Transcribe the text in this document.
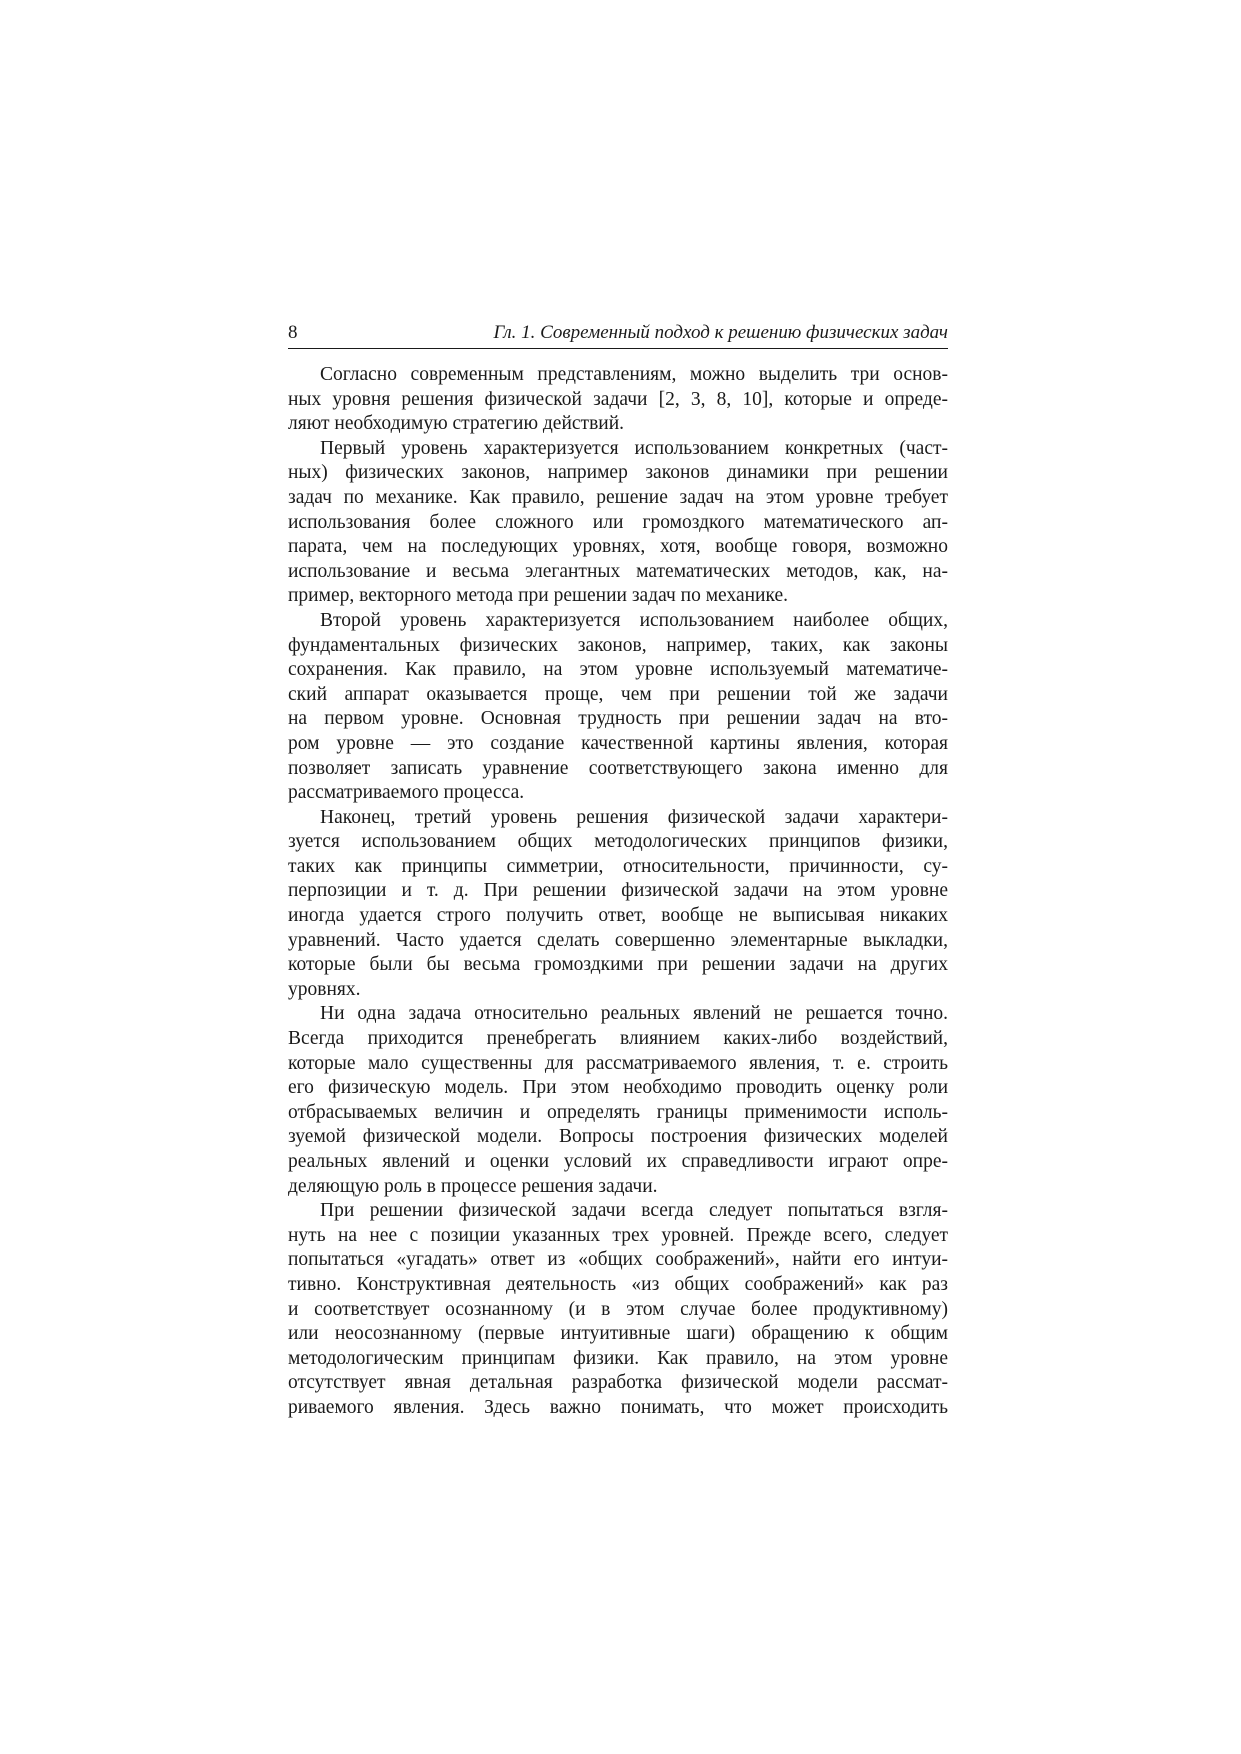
8	Гл. 1. Современный подход к решению физических задач
Согласно современным представлениям, можно выделить три основ-
ных уровня решения физической задачи [2, 3, 8, 10], которые и опреде-
ляют необходимую стратегию действий.
Первый уровень характеризуется использованием конкретных (част-
ных) физических законов, например законов динамики при решении
задач по механике. Как правило, решение задач на этом уровне требует
использования более сложного или громоздкого математического ап-
парата, чем на последующих уровнях, хотя, вообще говоря, возможно
использование и весьма элегантных математических методов, как, на-
пример, векторного метода при решении задач по механике.
Второй уровень характеризуется использованием наиболее общих,
фундаментальных физических законов, например, таких, как законы
сохранения. Как правило, на этом уровне используемый математиче-
ский аппарат оказывается проще, чем при решении той же задачи
на первом уровне. Основная трудность при решении задач на вто-
ром уровне — это создание качественной картины явления, которая
позволяет записать уравнение соответствующего закона именно для
рассматриваемого процесса.
Наконец, третий уровень решения физической задачи характери-
зуется использованием общих методологических принципов физики,
таких как принципы симметрии, относительности, причинности, су-
перпозиции и т. д. При решении физической задачи на этом уровне
иногда удается строго получить ответ, вообще не выписывая никаких
уравнений. Часто удается сделать совершенно элементарные выкладки,
которые были бы весьма громоздкими при решении задачи на других
уровнях.
Ни одна задача относительно реальных явлений не решается точно.
Всегда приходится пренебрегать влиянием каких-либо воздействий,
которые мало существенны для рассматриваемого явления, т. е. строить
его физическую модель. При этом необходимо проводить оценку роли
отбрасываемых величин и определять границы применимости исполь-
зуемой физической модели. Вопросы построения физических моделей
реальных явлений и оценки условий их справедливости играют опре-
деляющую роль в процессе решения задачи.
При решении физической задачи всегда следует попытаться взгля-
нуть на нее с позиции указанных трех уровней. Прежде всего, следует
попытаться «угадать» ответ из «общих соображений», найти его интуи-
тивно. Конструктивная деятельность «из общих соображений» как раз
и соответствует осознанному (и в этом случае более продуктивному)
или неосознанному (первые интуитивные шаги) обращению к общим
методологическим принципам физики. Как правило, на этом уровне
отсутствует явная детальная разработка физической модели рассмат-
риваемого явления. Здесь важно понимать, что может происходить
